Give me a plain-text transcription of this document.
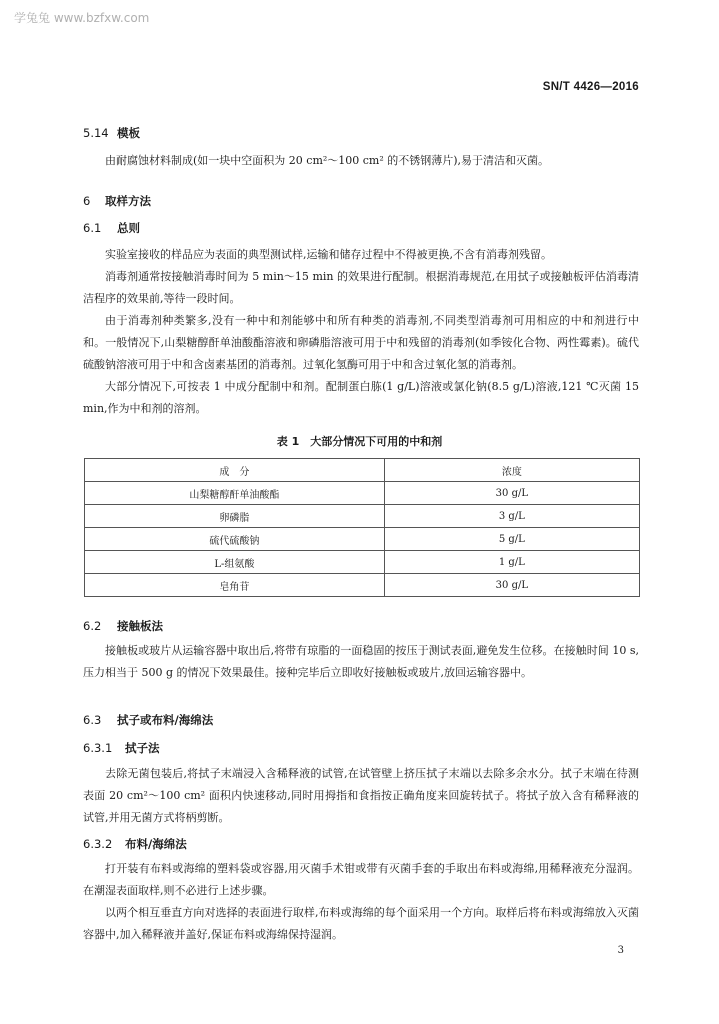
学兔兔 www.bzfxw.com
SN/T 4426—2016
5.14 模板
由耐腐蚀材料制成(如一块中空面积为 20 cm²～100 cm² 的不锈钢薄片),易于清洁和灭菌。
6 取样方法
6.1 总则
实验室接收的样品应为表面的典型测试样,运输和储存过程中不得被更换,不含有消毒剂残留。
消毒剂通常按接触消毒时间为 5 min～15 min 的效果进行配制。根据消毒规范,在用拭子或接触板评估消毒清洁程序的效果前,等待一段时间。
由于消毒剂种类繁多,没有一种中和剂能够中和所有种类的消毒剂,不同类型消毒剂可用相应的中和剂进行中和。一般情况下,山梨糖醇酐单油酸酯溶液和卵磷脂溶液可用于中和残留的消毒剂(如季铵化合物、两性霉素)。硫代硫酸钠溶液可用于中和含卤素基团的消毒剂。过氧化氢酶可用于中和含过氧化氢的消毒剂。
大部分情况下,可按表 1 中成分配制中和剂。配制蛋白胨(1 g/L)溶液或氯化钠(8.5 g/L)溶液,121 ℃灭菌 15 min,作为中和剂的溶剂。
表 1　大部分情况下可用的中和剂
成　分	浓度
山梨糖醇酐单油酸酯	30 g/L
卵磷脂	3 g/L
硫代硫酸钠	5 g/L
L-组氨酸	1 g/L
皂角苷	30 g/L
6.2 接触板法
接触板或玻片从运输容器中取出后,将带有琼脂的一面稳固的按压于测试表面,避免发生位移。在接触时间 10 s,压力相当于 500 g 的情况下效果最佳。接种完毕后立即收好接触板或玻片,放回运输容器中。
6.3 拭子或布料/海绵法
6.3.1 拭子法
去除无菌包装后,将拭子末端浸入含稀释液的试管,在试管壁上挤压拭子末端以去除多余水分。拭子末端在待测表面 20 cm²～100 cm² 面积内快速移动,同时用拇指和食指按正确角度来回旋转拭子。将拭子放入含有稀释液的试管,并用无菌方式将柄剪断。
6.3.2 布料/海绵法
打开装有布料或海绵的塑料袋或容器,用灭菌手术钳或带有灭菌手套的手取出布料或海绵,用稀释液充分湿润。在潮湿表面取样,则不必进行上述步骤。
以两个相互垂直方向对选择的表面进行取样,布料或海绵的每个面采用一个方向。取样后将布料或海绵放入灭菌容器中,加入稀释液并盖好,保证布料或海绵保持湿润。
3
